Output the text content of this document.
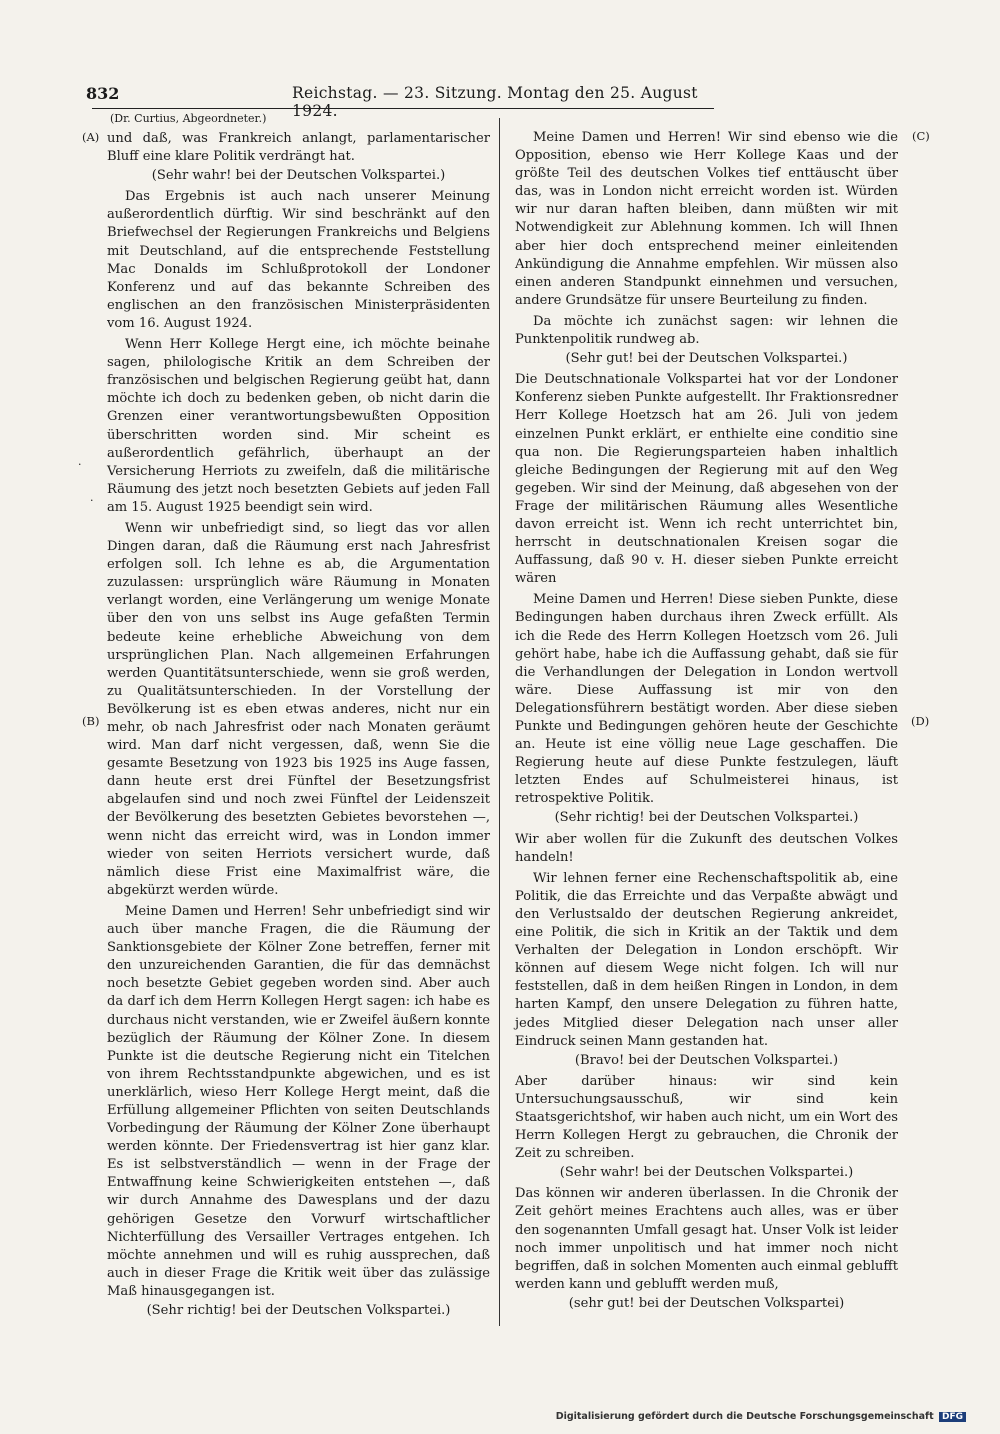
832	Reichstag. — 23. Sitzung. Montag den 25. August 1924.
(Dr. Curtius, Abgeordneter.)
(A)
(B)
(C)
(D)
·
·

und daß, was Frankreich anlangt, parlamentarischer Bluff eine klare Politik verdrängt hat.

(Sehr wahr! bei der Deutschen Volkspartei.)

Das Ergebnis ist auch nach unserer Meinung außerordentlich dürftig. Wir sind beschränkt auf den Briefwechsel der Regierungen Frankreichs und Belgiens mit Deutschland, auf die entsprechende Feststellung Mac Donalds im Schlußprotokoll der Londoner Konferenz und auf das bekannte Schreiben des englischen an den französischen Ministerpräsidenten vom 16. August 1924.

Wenn Herr Kollege Hergt eine, ich möchte beinahe sagen, philologische Kritik an dem Schreiben der französischen und belgischen Regierung geübt hat, dann möchte ich doch zu bedenken geben, ob nicht darin die Grenzen einer verantwortungsbewußten Opposition überschritten worden sind. Mir scheint es außerordentlich gefährlich, überhaupt an der Versicherung Herriots zu zweifeln, daß die militärische Räumung des jetzt noch besetzten Gebiets auf jeden Fall am 15. August 1925 beendigt sein wird.

Wenn wir unbefriedigt sind, so liegt das vor allen Dingen daran, daß die Räumung erst nach Jahresfrist erfolgen soll. Ich lehne es ab, die Argumentation zuzulassen: ursprünglich wäre Räumung in Monaten verlangt worden, eine Verlängerung um wenige Monate über den von uns selbst ins Auge gefaßten Termin bedeute keine erhebliche Abweichung von dem ursprünglichen Plan. Nach allgemeinen Erfahrungen werden Quantitätsunterschiede, wenn sie groß werden, zu Qualitätsunterschieden. In der Vorstellung der Bevölkerung ist es eben etwas anderes, nicht nur ein mehr, ob nach Jahresfrist oder nach Monaten geräumt wird. Man darf nicht vergessen, daß, wenn Sie die gesamte Besetzung von 1923 bis 1925 ins Auge fassen, dann heute erst drei Fünftel der Besetzungsfrist abgelaufen sind und noch zwei Fünftel der Leidenszeit der Bevölkerung des besetzten Gebietes bevorstehen —, wenn nicht das erreicht wird, was in London immer wieder von seiten Herriots versichert wurde, daß nämlich diese Frist eine Maximalfrist wäre, die abgekürzt werden würde.

Meine Damen und Herren! Sehr unbefriedigt sind wir auch über manche Fragen, die die Räumung der Sanktionsgebiete der Kölner Zone betreffen, ferner mit den unzureichenden Garantien, die für das demnächst noch besetzte Gebiet gegeben worden sind. Aber auch da darf ich dem Herrn Kollegen Hergt sagen: ich habe es durchaus nicht verstanden, wie er Zweifel äußern konnte bezüglich der Räumung der Kölner Zone. In diesem Punkte ist die deutsche Regierung nicht ein Titelchen von ihrem Rechtsstandpunkte abgewichen, und es ist unerklärlich, wieso Herr Kollege Hergt meint, daß die Erfüllung allgemeiner Pflichten von seiten Deutschlands Vorbedingung der Räumung der Kölner Zone überhaupt werden könnte. Der Friedensvertrag ist hier ganz klar. Es ist selbstverständlich — wenn in der Frage der Entwaffnung keine Schwierigkeiten entstehen —, daß wir durch Annahme des Dawesplans und der dazu gehörigen Gesetze den Vorwurf wirtschaftlicher Nichterfüllung des Versailler Vertrages entgehen. Ich möchte annehmen und will es ruhig aussprechen, daß auch in dieser Frage die Kritik weit über das zulässige Maß hinausgegangen ist.

(Sehr richtig! bei der Deutschen Volkspartei.)

Meine Damen und Herren! Wir sind ebenso wie die Opposition, ebenso wie Herr Kollege Kaas und der größte Teil des deutschen Volkes tief enttäuscht über das, was in London nicht erreicht worden ist. Würden wir nur daran haften bleiben, dann müßten wir mit Notwendigkeit zur Ablehnung kommen. Ich will Ihnen aber hier doch entsprechend meiner einleitenden Ankündigung die Annahme empfehlen. Wir müssen also einen anderen Standpunkt einnehmen und versuchen, andere Grundsätze für unsere Beurteilung zu finden.

Da möchte ich zunächst sagen: wir lehnen die Punktenpolitik rundweg ab.

(Sehr gut! bei der Deutschen Volkspartei.)

Die Deutschnationale Volkspartei hat vor der Londoner Konferenz sieben Punkte aufgestellt. Ihr Fraktionsredner Herr Kollege Hoetzsch hat am 26. Juli von jedem einzelnen Punkt erklärt, er enthielte eine conditio sine qua non. Die Regierungsparteien haben inhaltlich gleiche Bedingungen der Regierung mit auf den Weg gegeben. Wir sind der Meinung, daß abgesehen von der Frage der militärischen Räumung alles Wesentliche davon erreicht ist. Wenn ich recht unterrichtet bin, herrscht in deutschnationalen Kreisen sogar die Auffassung, daß 90 v. H. dieser sieben Punkte erreicht wären

Meine Damen und Herren! Diese sieben Punkte, diese Bedingungen haben durchaus ihren Zweck erfüllt. Als ich die Rede des Herrn Kollegen Hoetzsch vom 26. Juli gehört habe, habe ich die Auffassung gehabt, daß sie für die Verhandlungen der Delegation in London wertvoll wäre. Diese Auffassung ist mir von den Delegationsführern bestätigt worden. Aber diese sieben Punkte und Bedingungen gehören heute der Geschichte an. Heute ist eine völlig neue Lage geschaffen. Die Regierung heute auf diese Punkte festzulegen, läuft letzten Endes auf Schulmeisterei hinaus, ist retrospektive Politik.

(Sehr richtig! bei der Deutschen Volkspartei.)

Wir aber wollen für die Zukunft des deutschen Volkes handeln!

Wir lehnen ferner eine Rechenschaftspolitik ab, eine Politik, die das Erreichte und das Verpaßte abwägt und den Verlustsaldo der deutschen Regierung ankreidet, eine Politik, die sich in Kritik an der Taktik und dem Verhalten der Delegation in London erschöpft. Wir können auf diesem Wege nicht folgen. Ich will nur feststellen, daß in dem heißen Ringen in London, in dem harten Kampf, den unsere Delegation zu führen hatte, jedes Mitglied dieser Delegation nach unser aller Eindruck seinen Mann gestanden hat.

(Bravo! bei der Deutschen Volkspartei.)

Aber darüber hinaus: wir sind kein Untersuchungsausschuß, wir sind kein Staatsgerichtshof, wir haben auch nicht, um ein Wort des Herrn Kollegen Hergt zu gebrauchen, die Chronik der Zeit zu schreiben.

(Sehr wahr! bei der Deutschen Volkspartei.)

Das können wir anderen überlassen. In die Chronik der Zeit gehört meines Erachtens auch alles, was er über den sogenannten Umfall gesagt hat. Unser Volk ist leider noch immer unpolitisch und hat immer noch nicht begriffen, daß in solchen Momenten auch einmal geblufft werden kann und geblufft werden muß,

(sehr gut! bei der Deutschen Volkspartei)

Digitalisierung gefördert durch die Deutsche Forschungsgemeinschaft DFG
